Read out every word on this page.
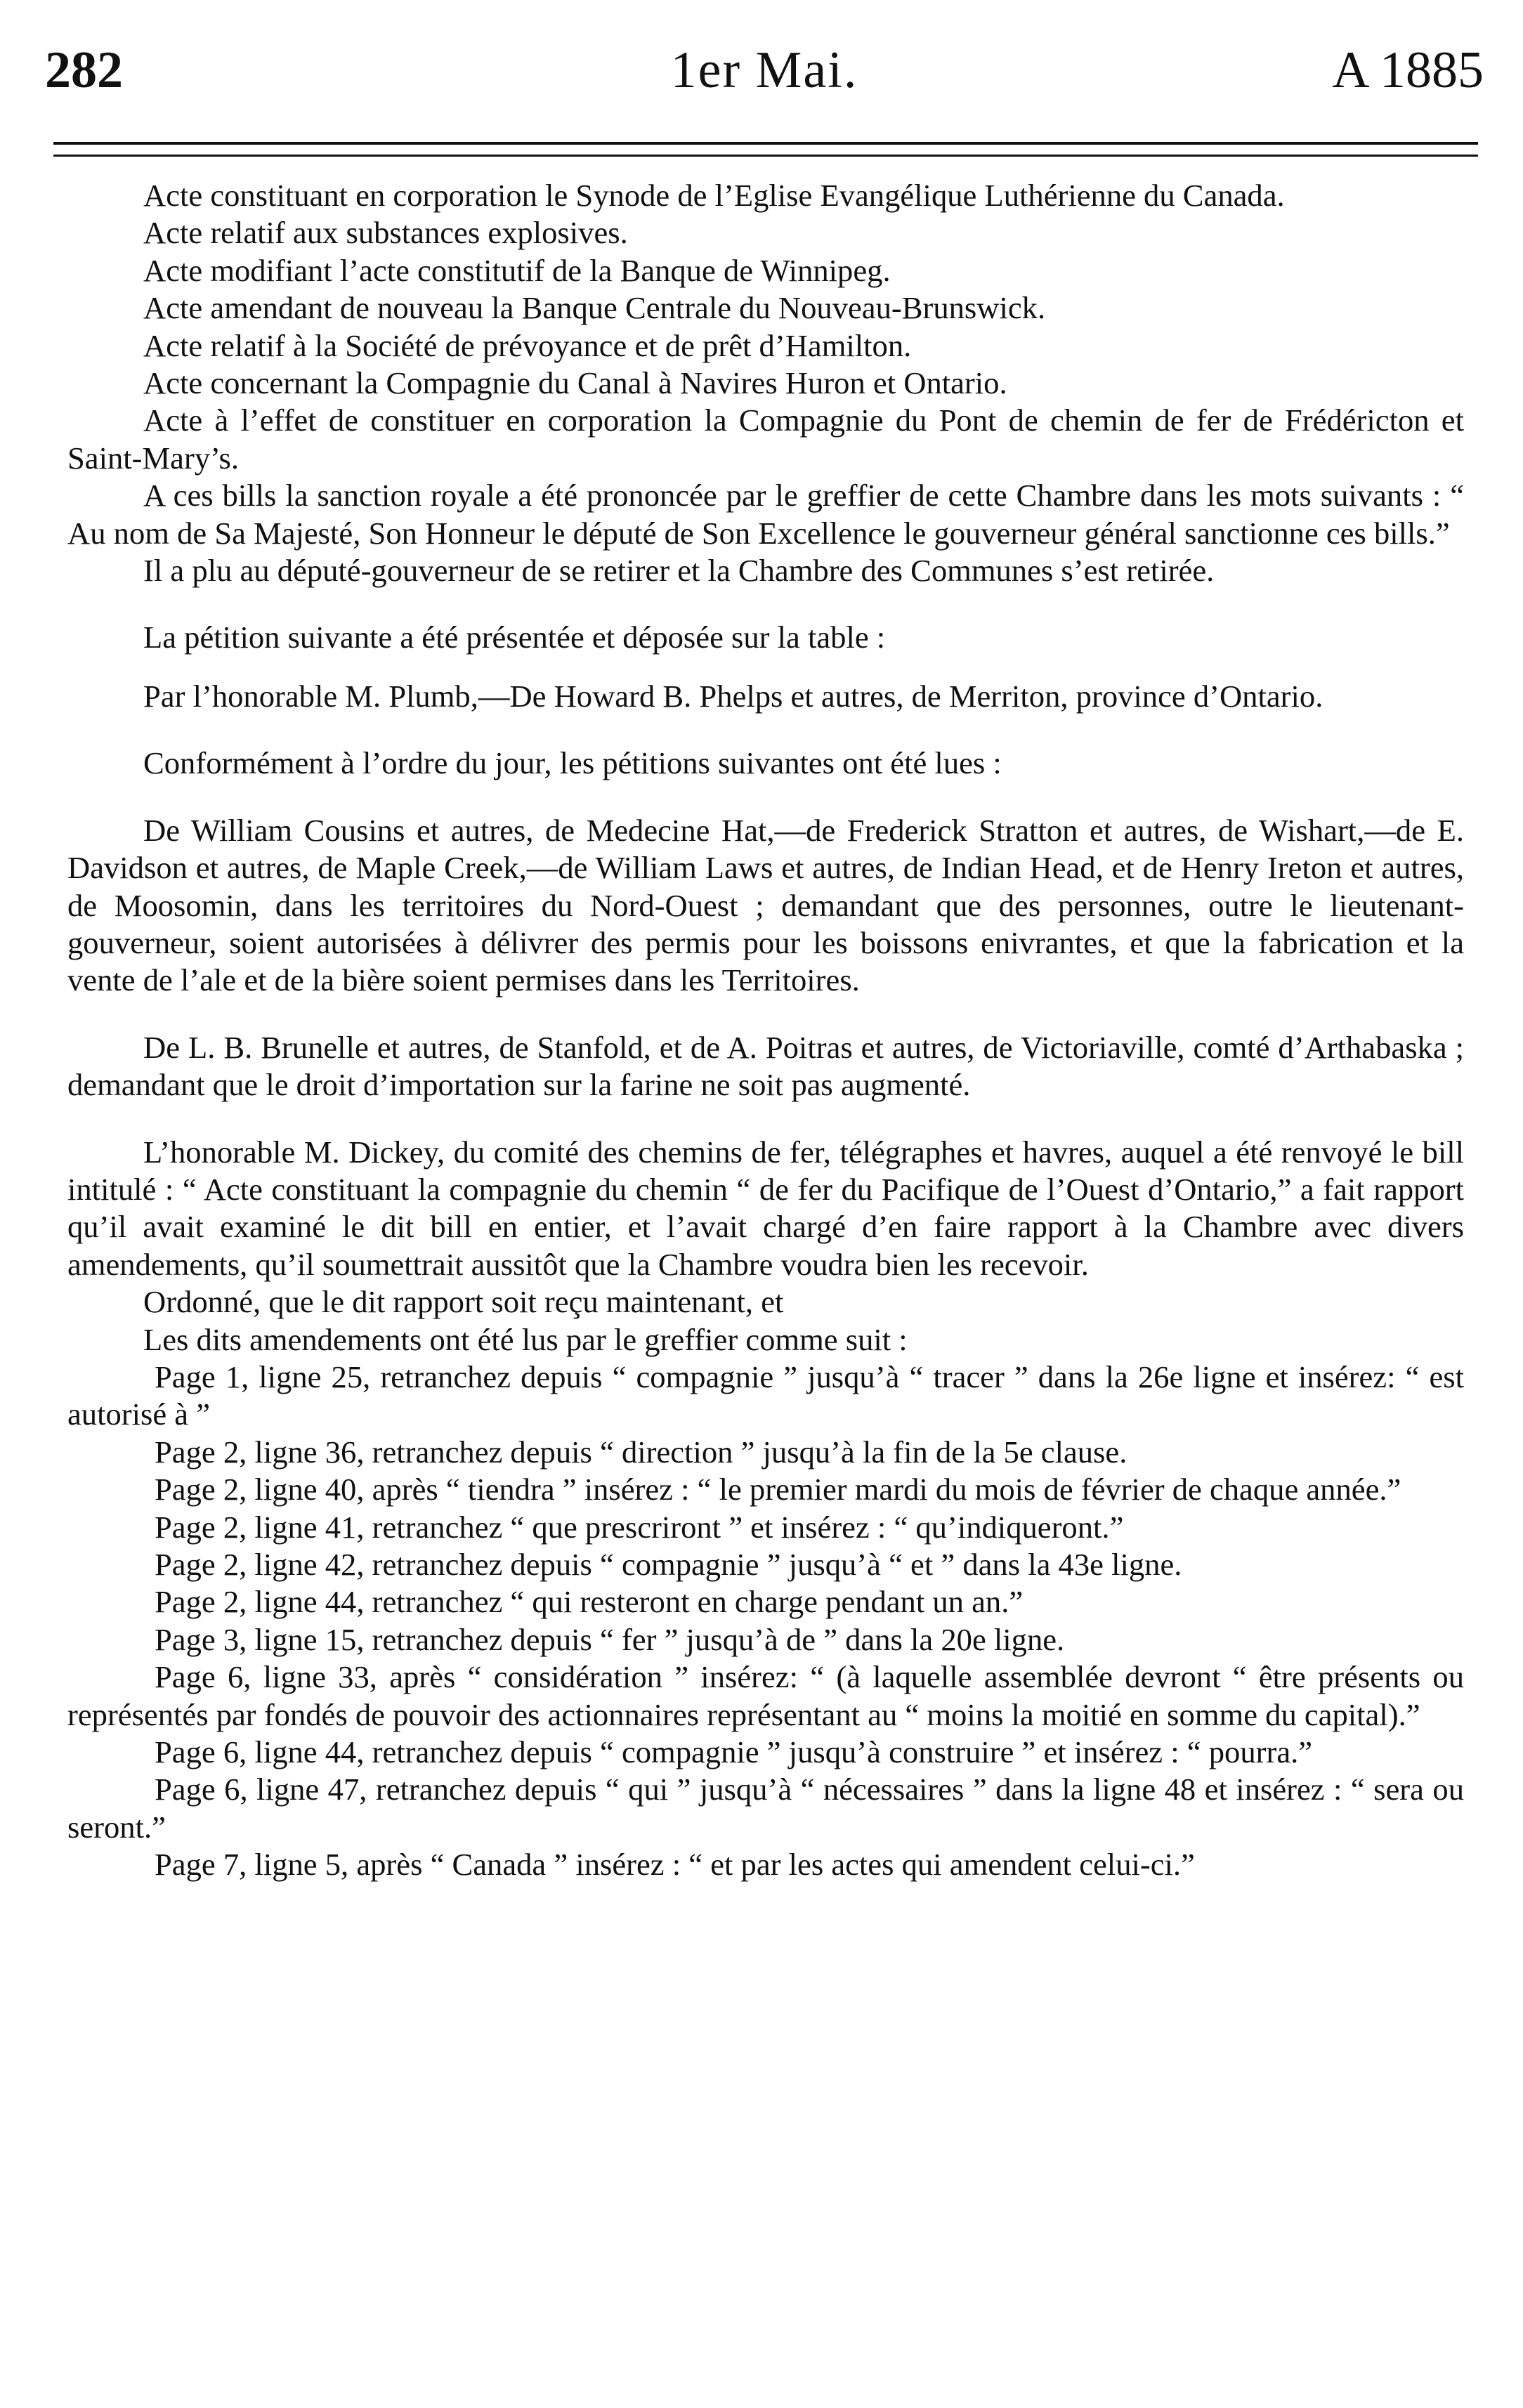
282	1er Mai.	A 1885

Acte constituant en corporation le Synode de l’Eglise Evangélique Luthérienne du Canada.

Acte relatif aux substances explosives.

Acte modifiant l’acte constitutif de la Banque de Winnipeg.

Acte amendant de nouveau la Banque Centrale du Nouveau-Brunswick.

Acte relatif à la Société de prévoyance et de prêt d’Hamilton.

Acte concernant la Compagnie du Canal à Navires Huron et Ontario.

Acte à l’effet de constituer en corporation la Compagnie du Pont de chemin de fer de Frédéricton et Saint-Mary’s.

A ces bills la sanction royale a été prononcée par le greffier de cette Chambre dans les mots suivants : “ Au nom de Sa Majesté, Son Honneur le député de Son Excellence le gouverneur général sanctionne ces bills.”

Il a plu au député-gouverneur de se retirer et la Chambre des Communes s’est retirée.

La pétition suivante a été présentée et déposée sur la table :

Par l’honorable M. Plumb,—De Howard B. Phelps et autres, de Merriton, province d’Ontario.

Conformément à l’ordre du jour, les pétitions suivantes ont été lues :

De William Cousins et autres, de Medecine Hat,—de Frederick Stratton et autres, de Wishart,—de E. Davidson et autres, de Maple Creek,—de William Laws et autres, de Indian Head, et de Henry Ireton et autres, de Moosomin, dans les territoires du Nord-Ouest ; demandant que des personnes, outre le lieutenant-gouverneur, soient autorisées à délivrer des permis pour les boissons enivrantes, et que la fabrication et la vente de l’ale et de la bière soient permises dans les Territoires.

De L. B. Brunelle et autres, de Stanfold, et de A. Poitras et autres, de Victoriaville, comté d’Arthabaska ; demandant que le droit d’importation sur la farine ne soit pas augmenté.

L’honorable M. Dickey, du comité des chemins de fer, télégraphes et havres, auquel a été renvoyé le bill intitulé : “ Acte constituant la compagnie du chemin “ de fer du Pacifique de l’Ouest d’Ontario,” a fait rapport qu’il avait examiné le dit bill en entier, et l’avait chargé d’en faire rapport à la Chambre avec divers amendements, qu’il soumettrait aussitôt que la Chambre voudra bien les recevoir.

Ordonné, que le dit rapport soit reçu maintenant, et

Les dits amendements ont été lus par le greffier comme suit :

Page 1, ligne 25, retranchez depuis “ compagnie ” jusqu’à “ tracer ” dans la 26e ligne et insérez: “ est autorisé à ”

Page 2, ligne 36, retranchez depuis “ direction ” jusqu’à la fin de la 5e clause.

Page 2, ligne 40, après “ tiendra ” insérez : “ le premier mardi du mois de février de chaque année.”

Page 2, ligne 41, retranchez “ que prescriront ” et insérez : “ qu’indiqueront.”

Page 2, ligne 42, retranchez depuis “ compagnie ” jusqu’à “ et ” dans la 43e ligne.

Page 2, ligne 44, retranchez “ qui resteront en charge pendant un an.”

Page 3, ligne 15, retranchez depuis “ fer ” jusqu’à de ” dans la 20e ligne.

Page 6, ligne 33, après “ considération ” insérez: “ (à laquelle assemblée devront “ être présents ou représentés par fondés de pouvoir des actionnaires représentant au “ moins la moitié en somme du capital).”

Page 6, ligne 44, retranchez depuis “ compagnie ” jusqu’à construire ” et insérez : “ pourra.”

Page 6, ligne 47, retranchez depuis “ qui ” jusqu’à “ nécessaires ” dans la ligne 48 et insérez : “ sera ou seront.”

Page 7, ligne 5, après “ Canada ” insérez : “ et par les actes qui amendent celui-ci.”
